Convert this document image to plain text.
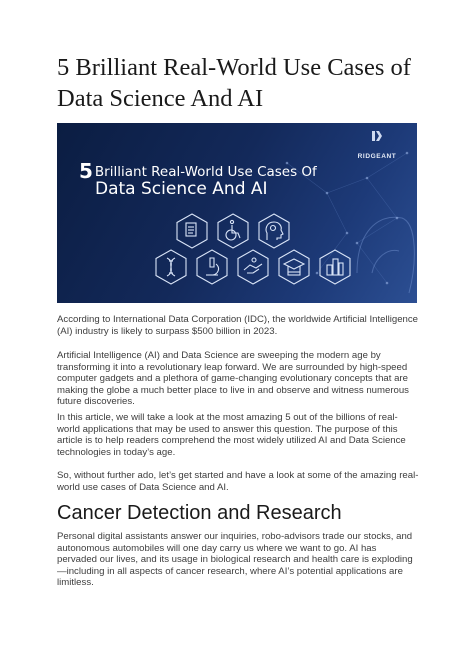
5 Brilliant Real-World Use Cases of Data Science And AI
RIDGEANT
5 Brilliant Real-World Use Cases Of
Data Science And AI

According to International Data Corporation (IDC), the worldwide Artificial Intelligence (AI) industry is likely to surpass $500 billion in 2023.

Artificial Intelligence (AI) and Data Science are sweeping the modern age by transforming it into a revolutionary leap forward. We are surrounded by high-speed computer gadgets and a plethora of game-changing evolutionary concepts that are making the globe a much better place to live in and observe and witness numerous future discoveries.

In this article, we will take a look at the most amazing 5 out of the billions of real-world applications that may be used to answer this question. The purpose of this article is to help readers comprehend the most widely utilized AI and Data Science technologies in today’s age.

So, without further ado, let’s get started and have a look at some of the amazing real-world use cases of Data Science and AI.

Cancer Detection and Research

Personal digital assistants answer our inquiries, robo-advisors trade our stocks, and autonomous automobiles will one day carry us where we want to go. AI has pervaded our lives, and its usage in biological research and health care is exploding—including in all aspects of cancer research, where AI’s potential applications are limitless.
